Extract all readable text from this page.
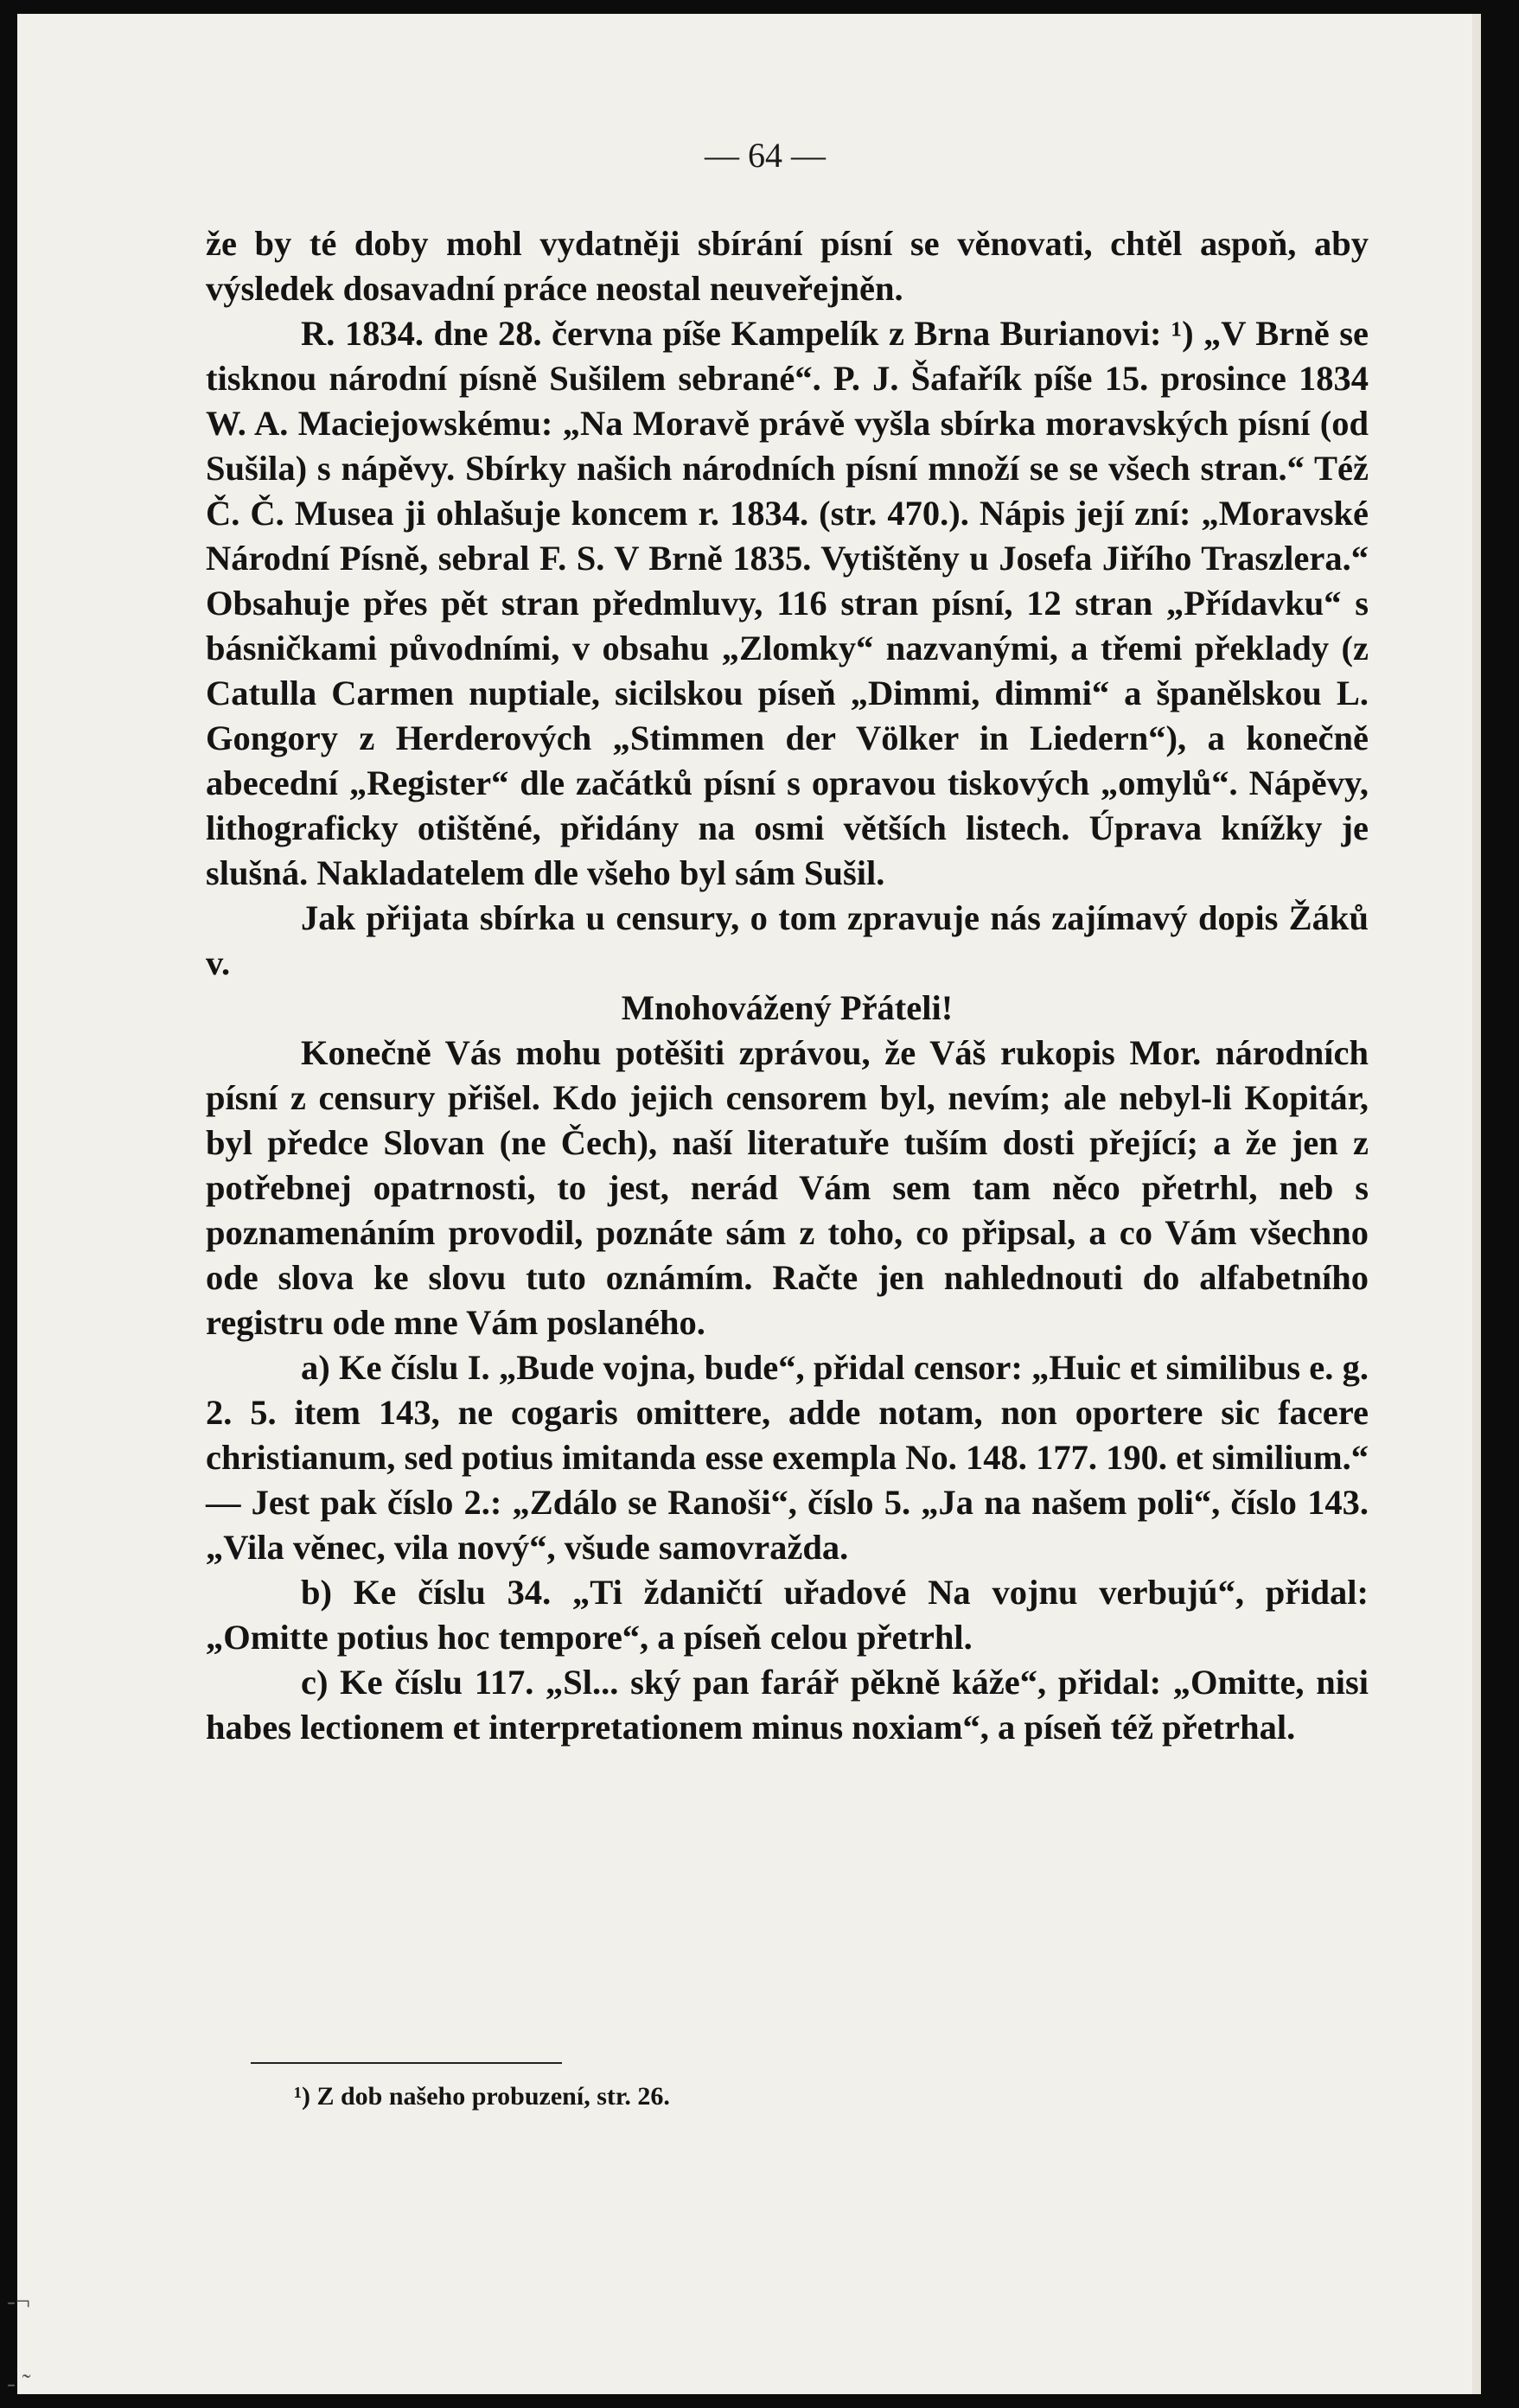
— 64 —

že by té doby mohl vydatněji sbírání písní se věnovati, chtěl aspoň, aby výsledek dosavadní práce neostal neuveřejněn.

R. 1834. dne 28. června píše Kampelík z Brna Burianovi: ¹) „V Brně se tisknou národní písně Sušilem sebrané“. P. J. Šafařík píše 15. prosince 1834 W. A. Maciejowskému: „Na Moravě právě vyšla sbírka moravských písní (od Sušila) s nápěvy. Sbírky našich národních písní množí se se všech stran.“ Též Č. Č. Musea ji ohlašuje koncem r. 1834. (str. 470.). Nápis její zní: „Moravské Národní Písně, sebral F. S. V Brně 1835. Vytištěny u Josefa Jiřího Traszlera.“ Obsahuje přes pět stran předmluvy, 116 stran písní, 12 stran „Přídavku“ s básničkami původními, v obsahu „Zlomky“ nazvanými, a třemi překlady (z Catulla Carmen nuptiale, sicilskou píseň „Dimmi, dimmi“ a španělskou L. Gongory z Herderových „Stimmen der Völker in Liedern“), a konečně abecední „Register“ dle začátků písní s opravou tiskových „omylů“. Nápěvy, lithograficky otištěné, přidány na osmi větších listech. Úprava knížky je slušná. Nakladatelem dle všeho byl sám Sušil.

Jak přijata sbírka u censury, o tom zpravuje nás zajímavý dopis Žáků v.

Mnohovážený Přáteli!

Konečně Vás mohu potěšiti zprávou, že Váš rukopis Mor. národních písní z censury přišel. Kdo jejich censorem byl, nevím; ale nebyl-li Kopitár, byl předce Slovan (ne Čech), naší literatuře tuším dosti přející; a že jen z potřebnej opatrnosti, to jest, nerád Vám sem tam něco přetrhl, neb s poznamenáním provodil, poznáte sám z toho, co připsal, a co Vám všechno ode slova ke slovu tuto oznámím. Račte jen nahlednouti do alfabetního registru ode mne Vám poslaného.

a) Ke číslu I. „Bude vojna, bude“, přidal censor: „Huic et similibus e. g. 2. 5. item 143, ne cogaris omittere, adde notam, non oportere sic facere christianum, sed potius imitanda esse exempla No. 148. 177. 190. et similium.“ — Jest pak číslo 2.: „Zdálo se Ranoši“, číslo 5. „Ja na našem poli“, číslo 143. „Vila věnec, vila nový“, všude samovražda.

b) Ke číslu 34. „Ti ždaničtí uřadové Na vojnu verbujú“, přidal: „Omitte potius hoc tempore“, a píseň celou přetrhl.

c) Ke číslu 117. „Sl... ský pan farář pěkně káže“, přidal: „Omitte, nisi habes lectionem et interpretationem minus noxiam“, a píseň též přetrhal.

¹) Z dob našeho probuzení, str. 26.
-¬
- ˜
